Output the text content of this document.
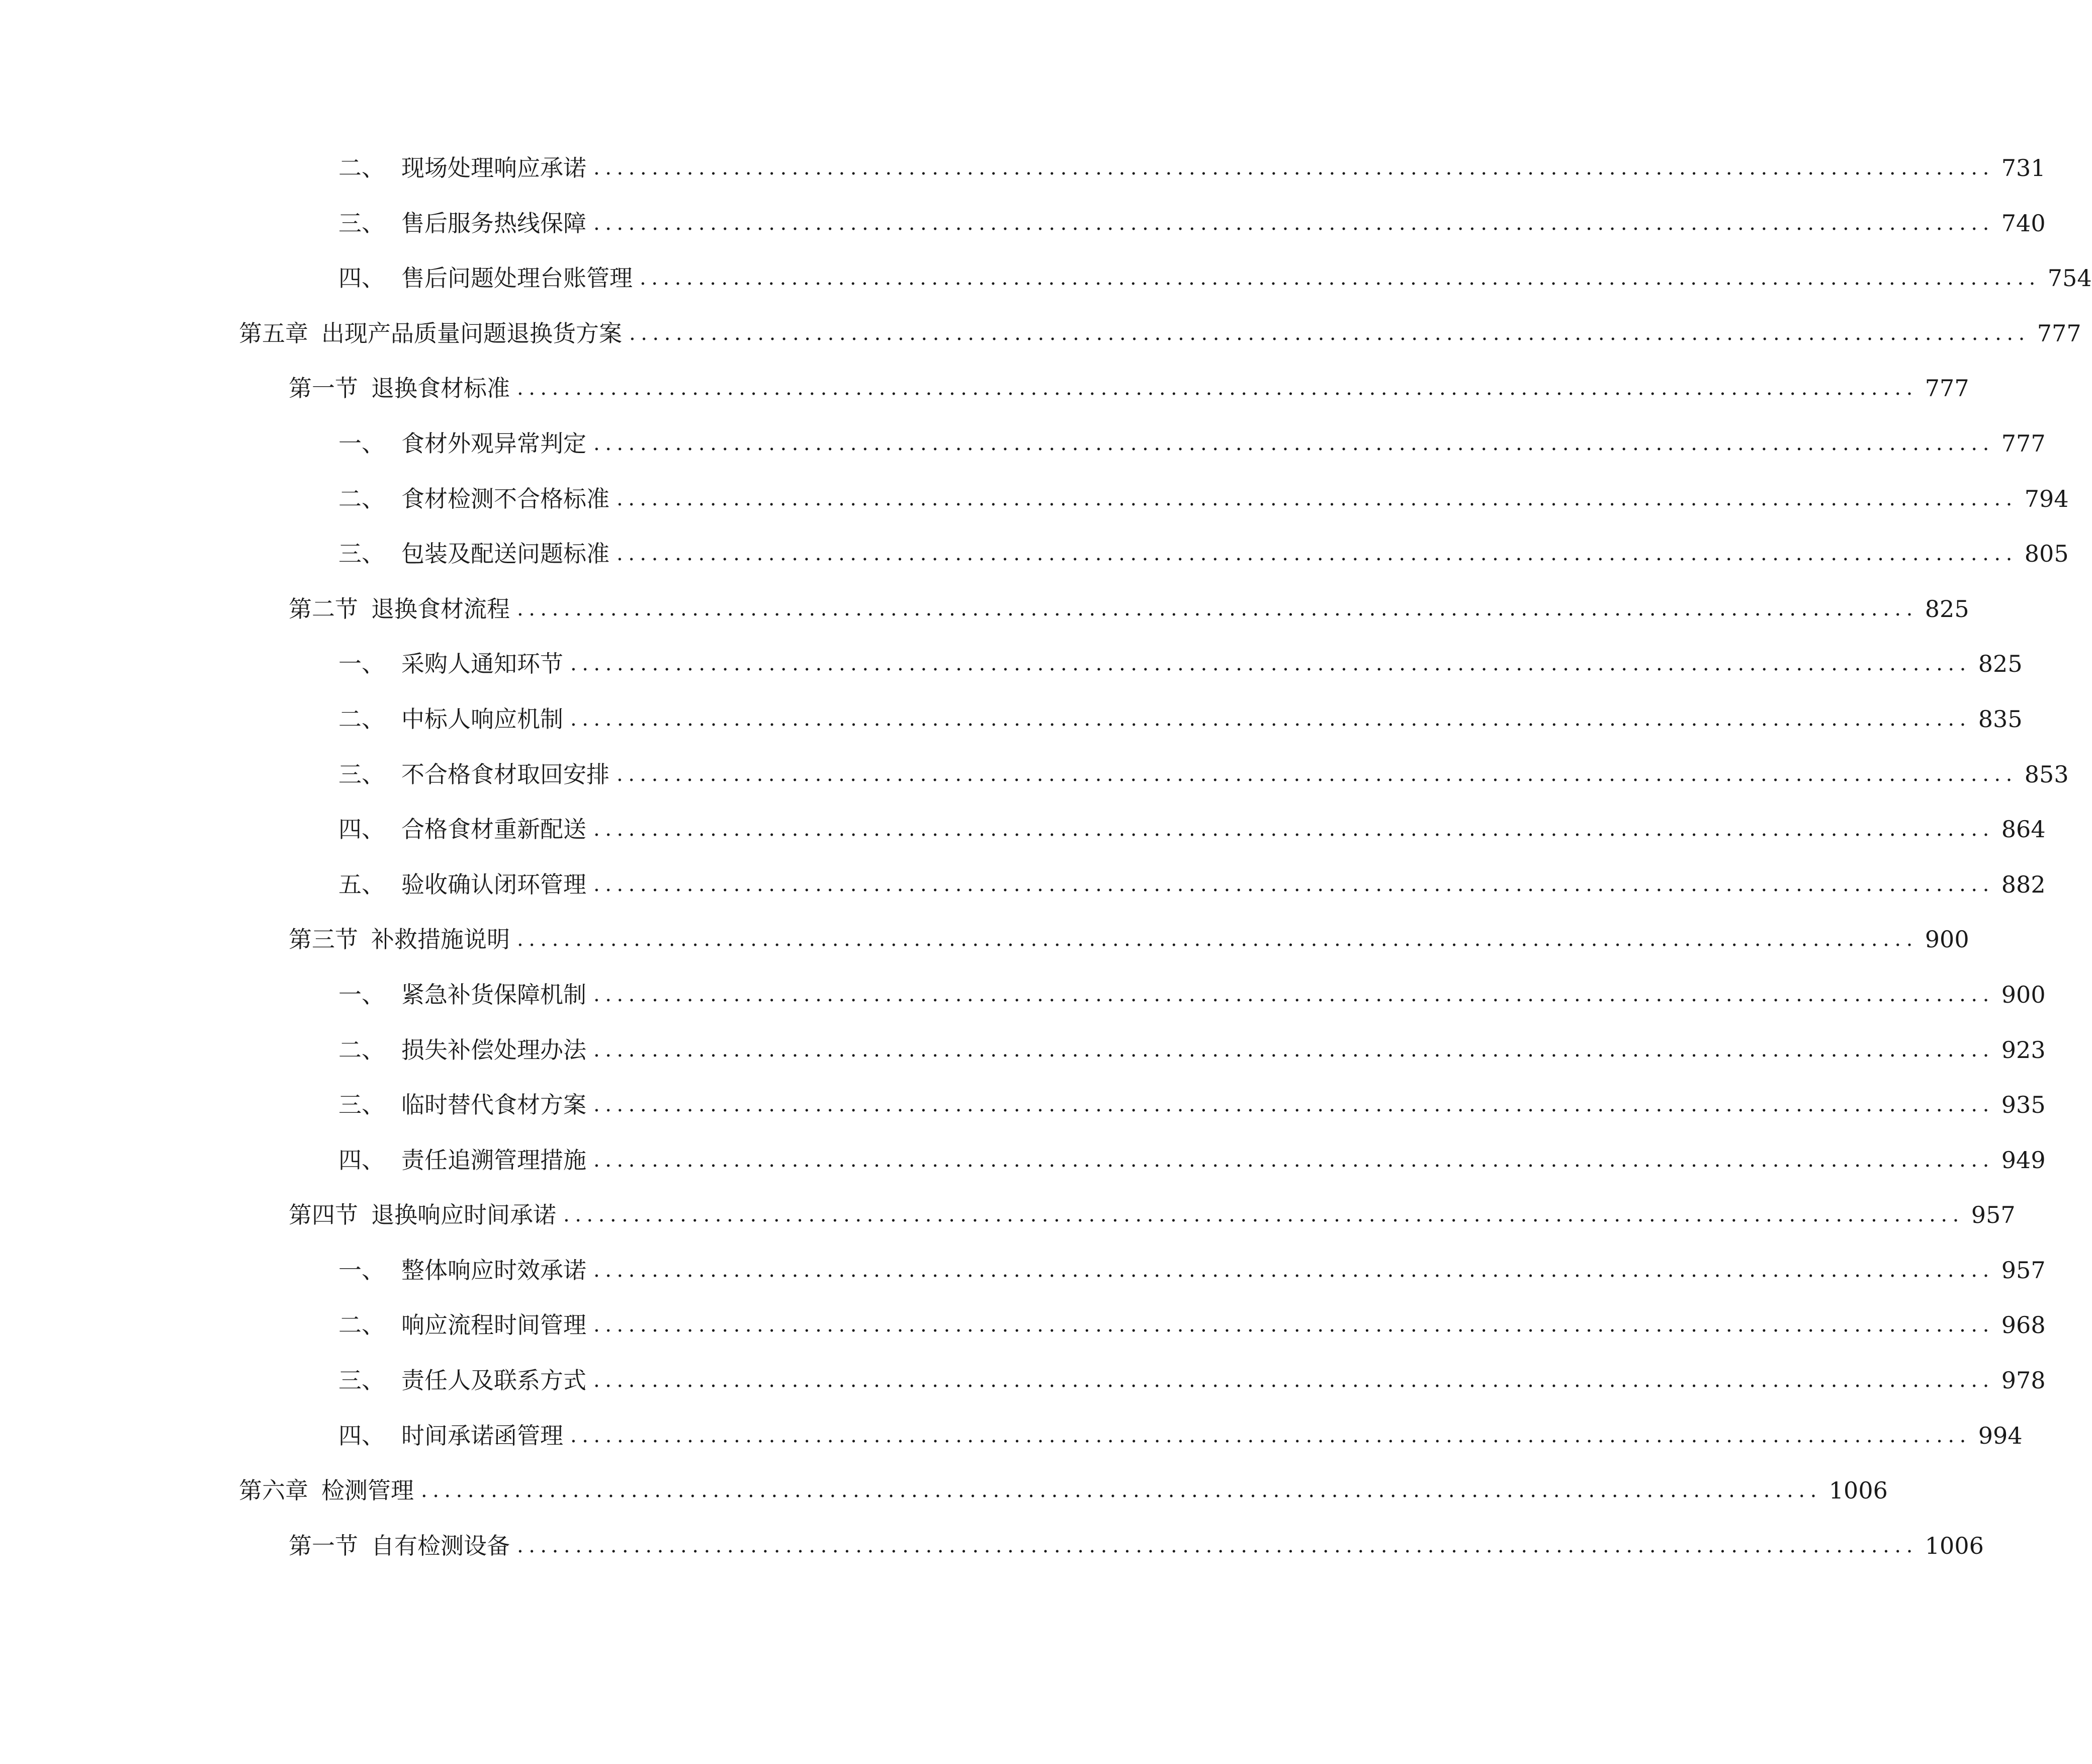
二、 现场处理响应承诺 ........................................................................................................................ 731
三、 售后服务热线保障 ........................................................................................................................ 740
四、 售后问题处理台账管理 ........................................................................................................................ 754
第五章 出现产品质量问题退换货方案 ........................................................................................................................ 777
第一节 退换食材标准 ........................................................................................................................ 777
一、 食材外观异常判定 ........................................................................................................................ 777
二、 食材检测不合格标准 ........................................................................................................................ 794
三、 包装及配送问题标准 ........................................................................................................................ 805
第二节 退换食材流程 ........................................................................................................................ 825
一、 采购人通知环节 ........................................................................................................................ 825
二、 中标人响应机制 ........................................................................................................................ 835
三、 不合格食材取回安排 ........................................................................................................................ 853
四、 合格食材重新配送 ........................................................................................................................ 864
五、 验收确认闭环管理 ........................................................................................................................ 882
第三节 补救措施说明 ........................................................................................................................ 900
一、 紧急补货保障机制 ........................................................................................................................ 900
二、 损失补偿处理办法 ........................................................................................................................ 923
三、 临时替代食材方案 ........................................................................................................................ 935
四、 责任追溯管理措施 ........................................................................................................................ 949
第四节 退换响应时间承诺 ........................................................................................................................ 957
一、 整体响应时效承诺 ........................................................................................................................ 957
二、 响应流程时间管理 ........................................................................................................................ 968
三、 责任人及联系方式 ........................................................................................................................ 978
四、 时间承诺函管理 ........................................................................................................................ 994
第六章 检测管理 ........................................................................................................................ 1006
第一节 自有检测设备 ........................................................................................................................ 1006
